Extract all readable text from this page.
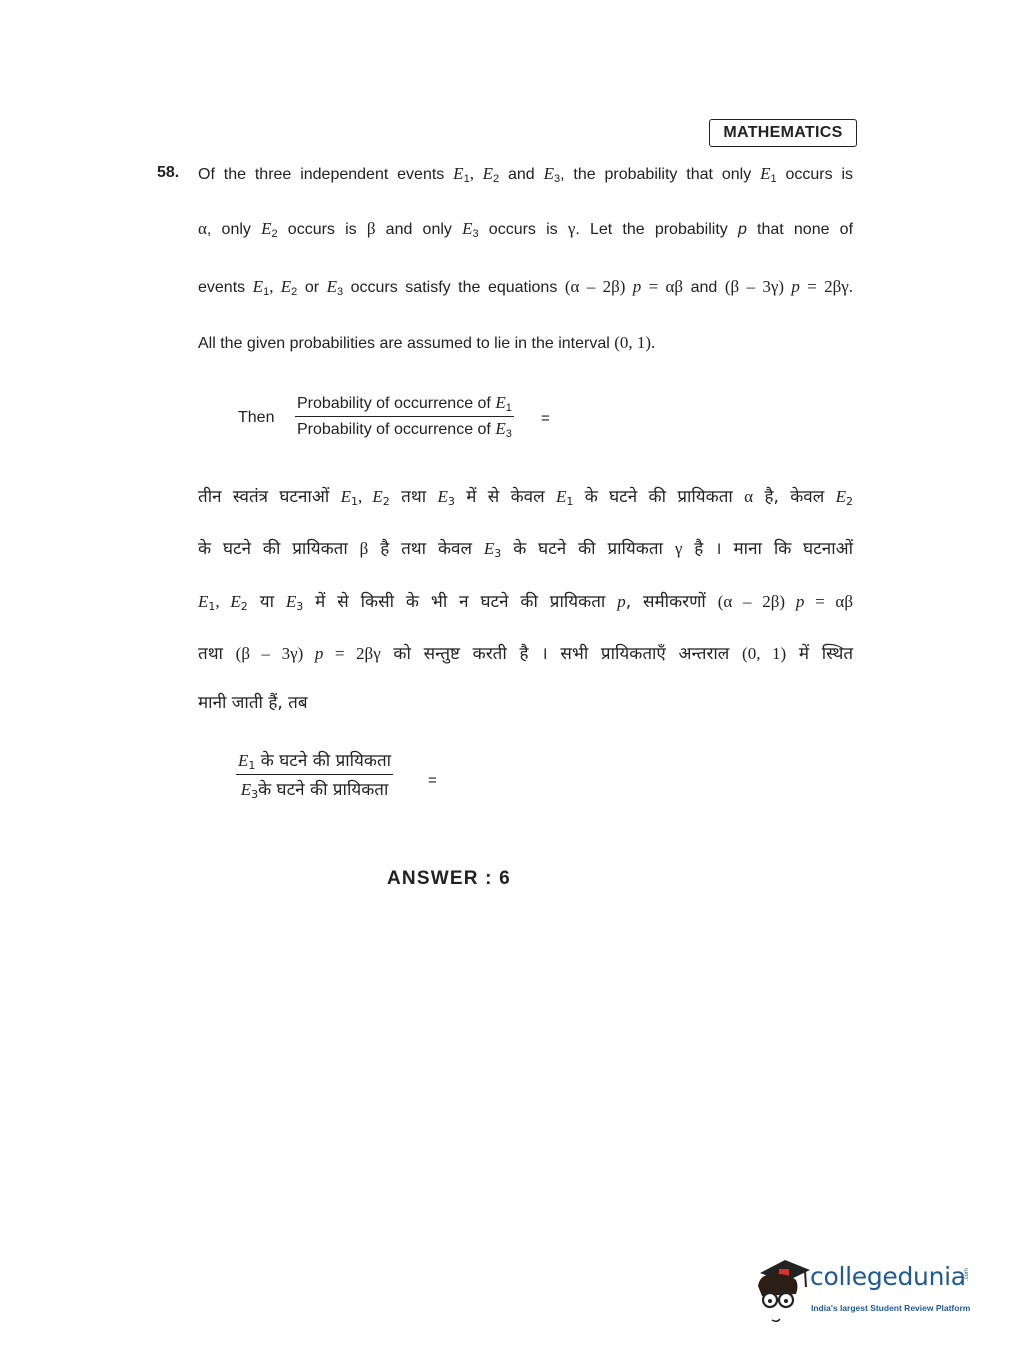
MATHEMATICS
58. Of the three independent events $E_1$, $E_2$ and $E_3$, the probability that only $E_1$ occurs is
α, only $E_2$ occurs is β and only $E_3$ occurs is γ. Let the probability p that none of
events $E_1$, $E_2$ or $E_3$ occurs satisfy the equations (α – 2β) p = αβ and (β – 3γ) p = 2βγ.
All the given probabilities are assumed to lie in the interval (0, 1).
Then
Probability of occurrence of $E_1$
Probability of occurrence of $E_3$
=
तीन स्वतंत्र घटनाओं $E_1$, $E_2$ तथा $E_3$ में से केवल $E_1$ के घटने की प्रायिकता α है, केवल $E_2$
के घटने की प्रायिकता β है तथा केवल $E_3$ के घटने की प्रायिकता γ है । माना कि घटनाओं
$E_1$, $E_2$ या $E_3$ में से किसी के भी न घटने की प्रायिकता p, समीकरणों (α – 2β) p = αβ
तथा (β – 3γ) p = 2βγ को सन्तुष्ट करती है । सभी प्रायिकताएँ अन्तराल (0, 1) में स्थित
मानी जाती हैं, तब
$E_1$ के घटने की प्रायिकता
$E_3के$ घटने की प्रायिकता	=
ANSWER : 6
collegedunia
.com
India's largest Student Review Platform
